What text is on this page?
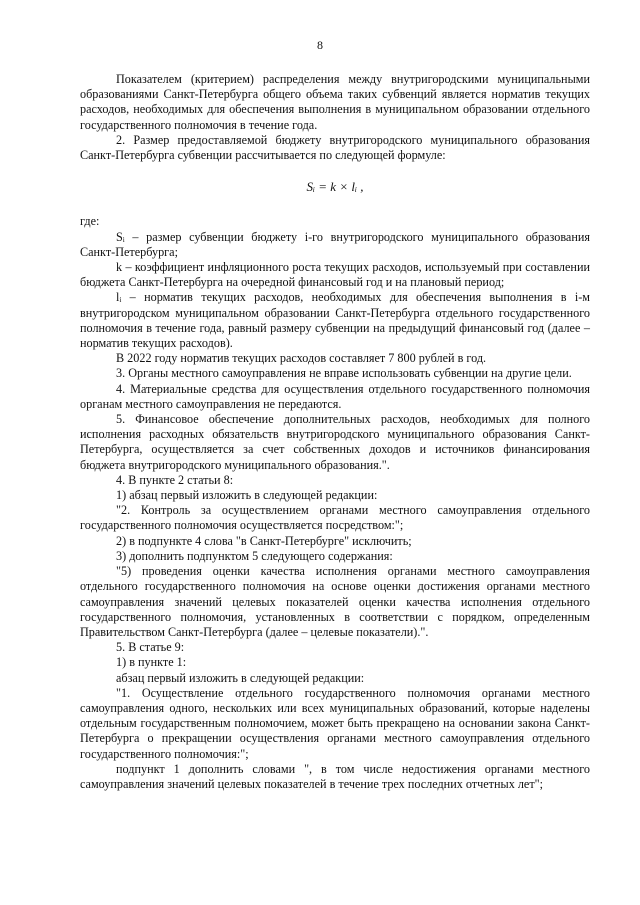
8

Показателем (критерием) распределения между внутригородскими муниципальными образованиями Санкт-Петербурга общего объема таких субвенций является норматив текущих расходов, необходимых для обеспечения выполнения в муниципальном образовании отдельного государственного полномочия в течение года.

2. Размер предоставляемой бюджету внутригородского муниципального образования Санкт-Петербурга субвенции рассчитывается по следующей формуле:

Sᵢ = k × lᵢ ,

где:

Sᵢ – размер субвенции бюджету i-го внутригородского муниципального образования Санкт-Петербурга;

k – коэффициент инфляционного роста текущих расходов, используемый при составлении бюджета Санкт-Петербурга на очередной финансовый год и на плановый период;

lᵢ – норматив текущих расходов, необходимых для обеспечения выполнения в i-м внутригородском муниципальном образовании Санкт-Петербурга отдельного государственного полномочия в течение года, равный размеру субвенции на предыдущий финансовый год (далее – норматив текущих расходов).

В 2022 году норматив текущих расходов составляет 7 800 рублей в год.

3. Органы местного самоуправления не вправе использовать субвенции на другие цели.

4. Материальные средства для осуществления отдельного государственного полномочия органам местного самоуправления не передаются.

5. Финансовое обеспечение дополнительных расходов, необходимых для полного исполнения расходных обязательств внутригородского муниципального образования Санкт-Петербурга, осуществляется за счет собственных доходов и источников финансирования бюджета внутригородского муниципального образования.".

4. В пункте 2 статьи 8:

1) абзац первый изложить в следующей редакции:

"2. Контроль за осуществлением органами местного самоуправления отдельного государственного полномочия осуществляется посредством:";

2) в подпункте 4 слова "в Санкт-Петербурге" исключить;

3) дополнить подпунктом 5 следующего содержания:

"5) проведения оценки качества исполнения органами местного самоуправления отдельного государственного полномочия на основе оценки достижения органами местного самоуправления значений целевых показателей оценки качества исполнения отдельного государственного полномочия, установленных в соответствии с порядком, определенным Правительством Санкт-Петербурга (далее – целевые показатели).".

5. В статье 9:

1) в пункте 1:

абзац первый изложить в следующей редакции:

"1. Осуществление отдельного государственного полномочия органами местного самоуправления одного, нескольких или всех муниципальных образований, которые наделены отдельным государственным полномочием, может быть прекращено на основании закона Санкт-Петербурга о прекращении осуществления органами местного самоуправления отдельного государственного полномочия:";

подпункт 1 дополнить словами ", в том числе недостижения органами местного самоуправления значений целевых показателей в течение трех последних отчетных лет";
